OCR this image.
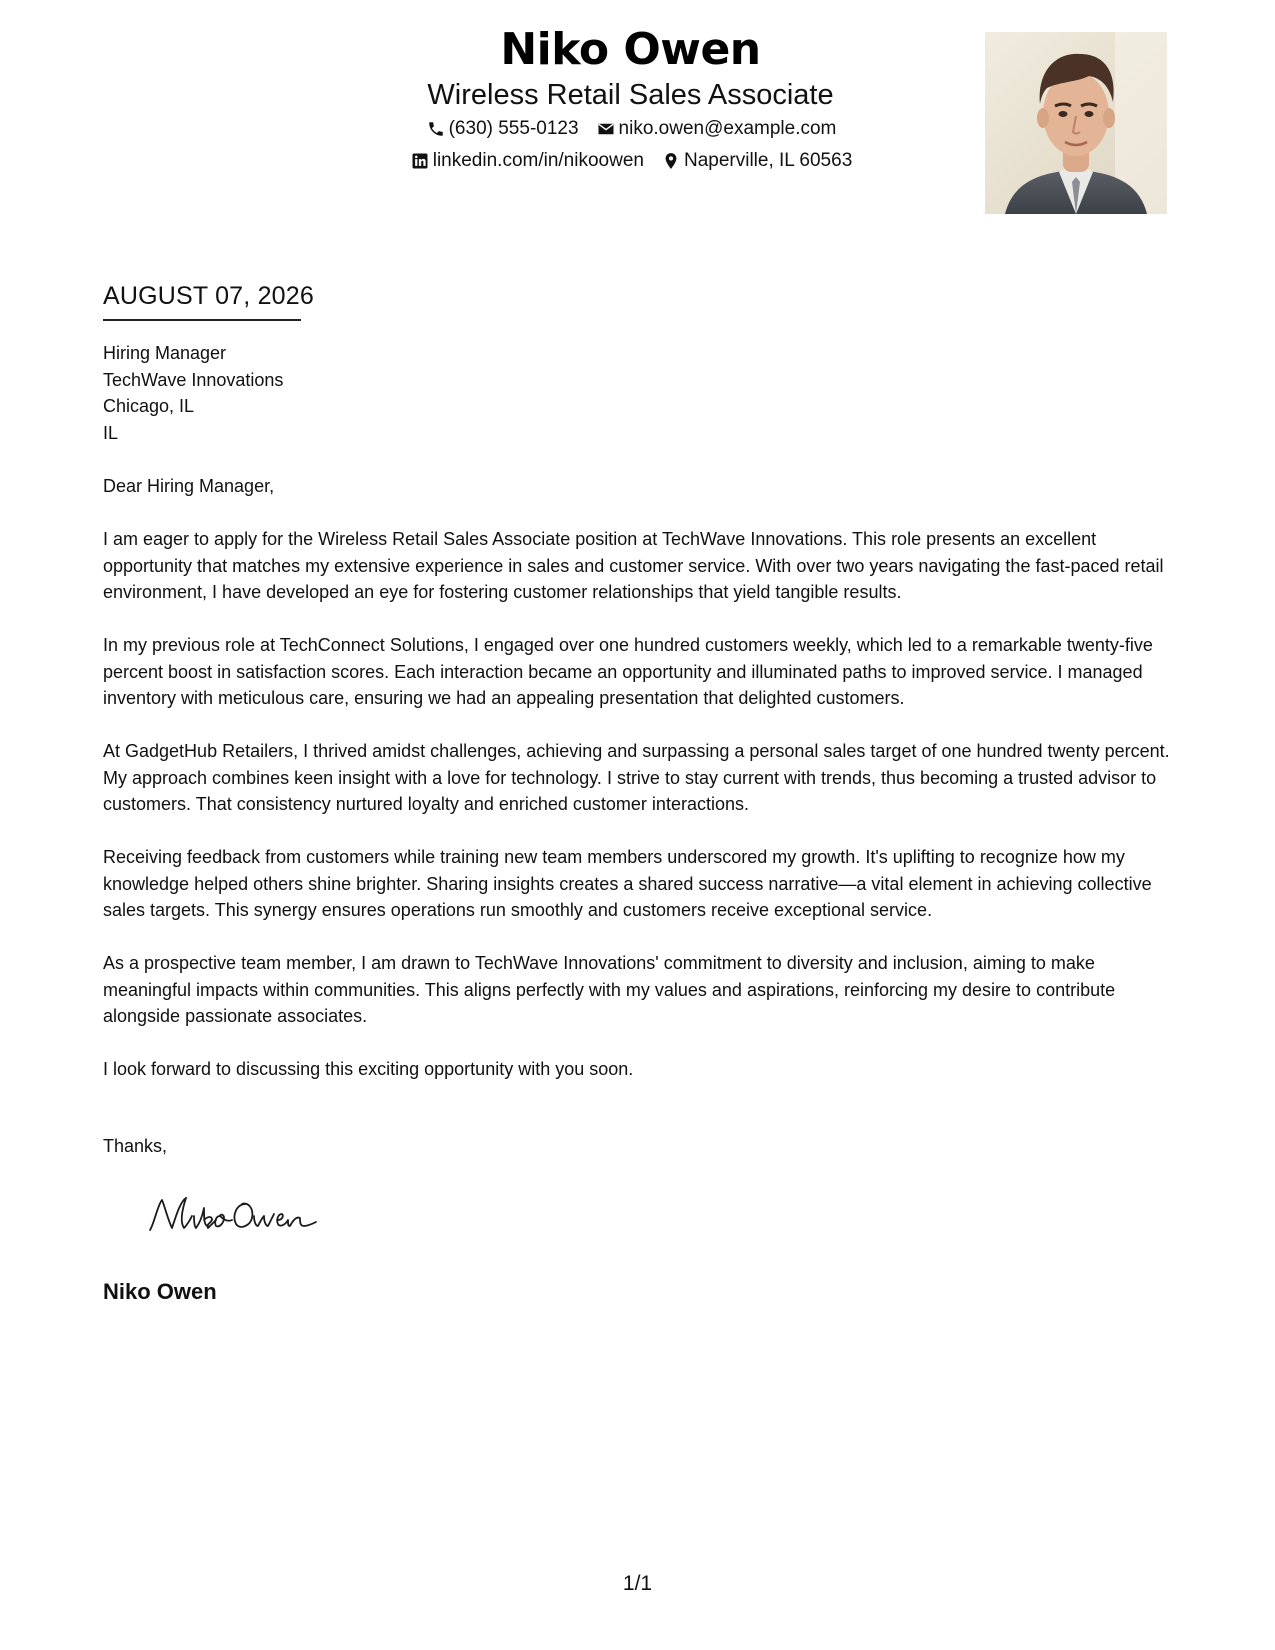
Niko Owen
Wireless Retail Sales Associate
(630) 555-0123 niko.owen@example.com
linkedin.com/in/nikoowen Naperville, IL 60563
AUGUST 07, 2026
Hiring Manager
TechWave Innovations
Chicago, IL
IL

Dear Hiring Manager,

I am eager to apply for the Wireless Retail Sales Associate position at TechWave Innovations. This role presents an excellent opportunity that matches my extensive experience in sales and customer service. With over two years navigating the fast-paced retail environment, I have developed an eye for fostering customer relationships that yield tangible results.

In my previous role at TechConnect Solutions, I engaged over one hundred customers weekly, which led to a remarkable twenty-five percent boost in satisfaction scores. Each interaction became an opportunity and illuminated paths to improved service. I managed inventory with meticulous care, ensuring we had an appealing presentation that delighted customers.

At GadgetHub Retailers, I thrived amidst challenges, achieving and surpassing a personal sales target of one hundred twenty percent. My approach combines keen insight with a love for technology. I strive to stay current with trends, thus becoming a trusted advisor to customers. That consistency nurtured loyalty and enriched customer interactions.

Receiving feedback from customers while training new team members underscored my growth. It's uplifting to recognize how my knowledge helped others shine brighter. Sharing insights creates a shared success narrative—a vital element in achieving collective sales targets. This synergy ensures operations run smoothly and customers receive exceptional service.

As a prospective team member, I am drawn to TechWave Innovations' commitment to diversity and inclusion, aiming to make meaningful impacts within communities. This aligns perfectly with my values and aspirations, reinforcing my desire to contribute alongside passionate associates.

I look forward to discussing this exciting opportunity with you soon.

Thanks,
Niko Owen
1/1
